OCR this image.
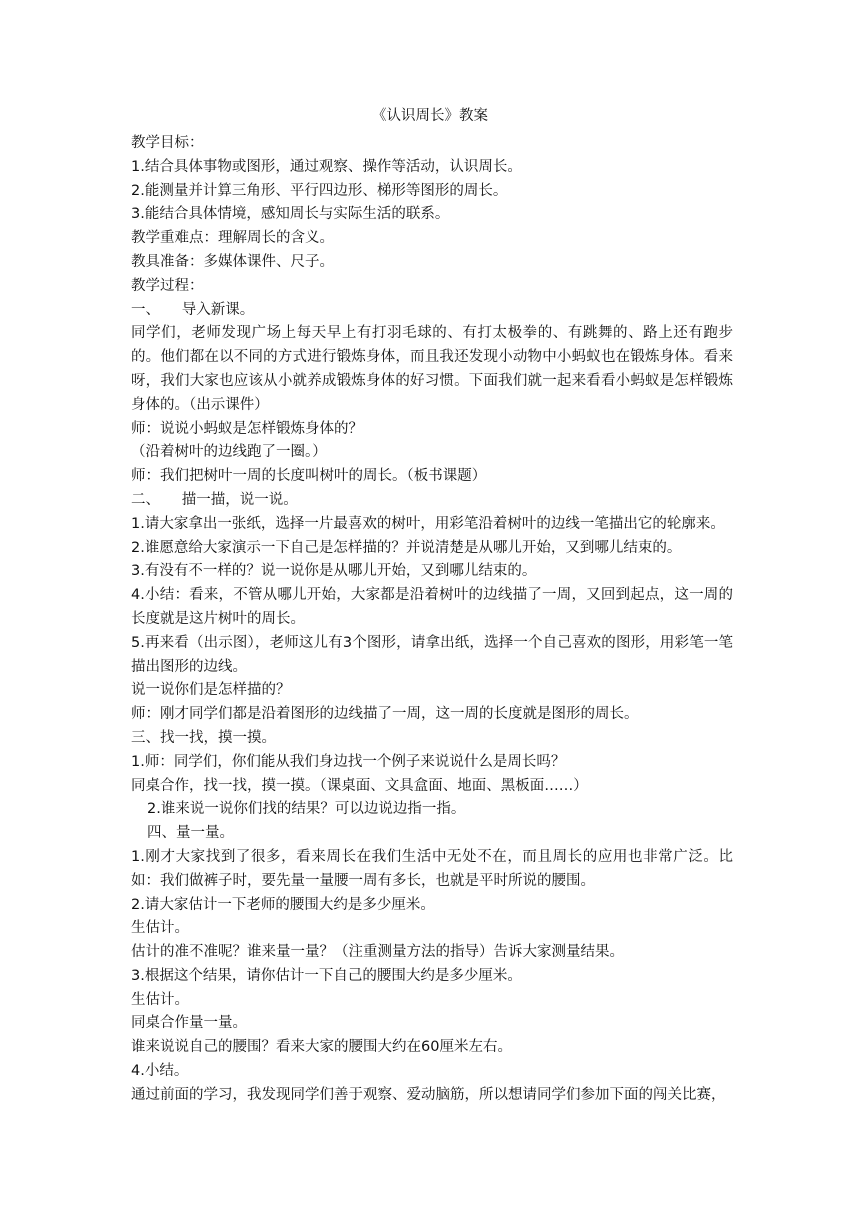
《认识周长》教案

教学目标：

1.结合具体事物或图形，通过观察、操作等活动，认识周长。

2.能测量并计算三角形、平行四边形、梯形等图形的周长。

3.能结合具体情境，感知周长与实际生活的联系。

教学重难点：理解周长的含义。

教具准备：多媒体课件、尺子。

教学过程：

一、　　导入新课。

同学们，老师发现广场上每天早上有打羽毛球的、有打太极拳的、有跳舞的、路上还有跑步的。他们都在以不同的方式进行锻炼身体，而且我还发现小动物中小蚂蚁也在锻炼身体。看来呀，我们大家也应该从小就养成锻炼身体的好习惯。下面我们就一起来看看小蚂蚁是怎样锻炼身体的。（出示课件）

师：说说小蚂蚁是怎样锻炼身体的？

（沿着树叶的边线跑了一圈。）

师：我们把树叶一周的长度叫树叶的周长。（板书课题）

二、　　描一描，说一说。

1.请大家拿出一张纸，选择一片最喜欢的树叶，用彩笔沿着树叶的边线一笔描出它的轮廓来。

2.谁愿意给大家演示一下自己是怎样描的？并说清楚是从哪儿开始，又到哪儿结束的。

3.有没有不一样的？说一说你是从哪儿开始，又到哪儿结束的。

4.小结：看来，不管从哪儿开始，大家都是沿着树叶的边线描了一周，又回到起点，这一周的长度就是这片树叶的周长。

5.再来看（出示图），老师这儿有3个图形，请拿出纸，选择一个自己喜欢的图形，用彩笔一笔描出图形的边线。

说一说你们是怎样描的？

师：刚才同学们都是沿着图形的边线描了一周，这一周的长度就是图形的周长。

三、找一找，摸一摸。

1.师：同学们，你们能从我们身边找一个例子来说说什么是周长吗？

同桌合作，找一找，摸一摸。（课桌面、文具盒面、地面、黑板面……）

2.谁来说一说你们找的结果？可以边说边指一指。

四、量一量。

1.刚才大家找到了很多，看来周长在我们生活中无处不在，而且周长的应用也非常广泛。比如：我们做裤子时，要先量一量腰一周有多长，也就是平时所说的腰围。

2.请大家估计一下老师的腰围大约是多少厘米。

生估计。

估计的准不准呢？谁来量一量？（注重测量方法的指导）告诉大家测量结果。

3.根据这个结果，请你估计一下自己的腰围大约是多少厘米。

生估计。

同桌合作量一量。

谁来说说自己的腰围？看来大家的腰围大约在60厘米左右。

4.小结。

通过前面的学习，我发现同学们善于观察、爱动脑筋，所以想请同学们参加下面的闯关比赛，
